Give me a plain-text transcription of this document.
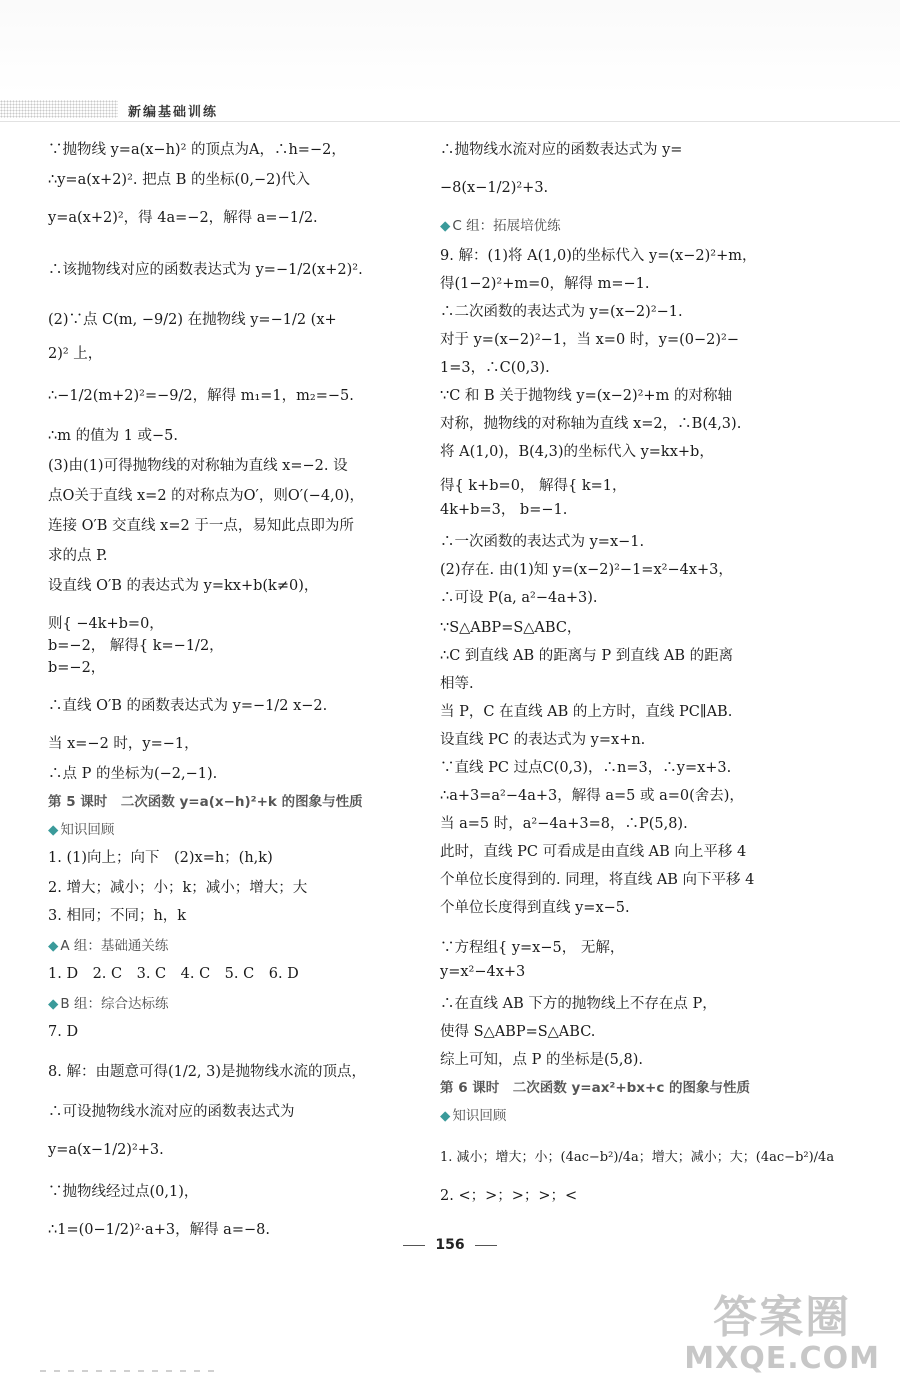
新编基础训练
∵抛物线 y=a(x−h)² 的顶点为A，∴h=−2，
∴y=a(x+2)². 把点 B 的坐标(0,−2)代入
y=a(x+2)²，得 4a=−2，解得 a=−1/2.
∴该抛物线对应的函数表达式为 y=−1/2(x+2)².
(2)∵点 C(m, −9/2) 在抛物线 y=−1/2 (x+
2)² 上，
∴−1/2(m+2)²=−9/2，解得 m₁=1，m₂=−5.
∴m 的值为 1 或−5.
(3)由(1)可得抛物线的对称轴为直线 x=−2. 设
点O关于直线 x=2 的对称点为O′，则O′(−4,0)，
连接 O′B 交直线 x=2 于一点，易知此点即为所
求的点 P.
设直线 O′B 的表达式为 y=kx+b(k≠0)，
则{ −4k+b=0，
b=−2， 解得{ k=−1/2，
b=−2，
∴直线 O′B 的函数表达式为 y=−1/2 x−2.
当 x=−2 时，y=−1，
∴点 P 的坐标为(−2,−1).
第 5 课时　二次函数 y=a(x−h)²+k 的图象与性质
◆ 知识回顾
1. (1)向上；向下　(2)x=h；(h,k)
2. 增大；减小；小；k；减小；增大；大
3. 相同；不同；h，k
◆ A 组：基础通关练
1. D　2. C　3. C　4. C　5. C　6. D
◆ B 组：综合达标练
7. D
8. 解：由题意可得(1/2, 3)是抛物线水流的顶点，
∴可设抛物线水流对应的函数表达式为
y=a(x−1/2)²+3.
∵抛物线经过点(0,1)，
∴1=(0−1/2)²·a+3，解得 a=−8.
∴抛物线水流对应的函数表达式为 y=
−8(x−1/2)²+3.
◆ C 组：拓展培优练
9. 解：(1)将 A(1,0)的坐标代入 y=(x−2)²+m，
得(1−2)²+m=0，解得 m=−1.
∴二次函数的表达式为 y=(x−2)²−1.
对于 y=(x−2)²−1，当 x=0 时，y=(0−2)²−
1=3，∴C(0,3).
∵C 和 B 关于抛物线 y=(x−2)²+m 的对称轴
对称，抛物线的对称轴为直线 x=2，∴B(4,3).
将 A(1,0)，B(4,3)的坐标代入 y=kx+b，
得{ k+b=0， 解得{ k=1，
4k+b=3， b=−1.
∴一次函数的表达式为 y=x−1.
(2)存在. 由(1)知 y=(x−2)²−1=x²−4x+3，
∴可设 P(a, a²−4a+3).
∵S△ABP=S△ABC，
∴C 到直线 AB 的距离与 P 到直线 AB 的距离
相等.
当 P，C 在直线 AB 的上方时，直线 PC∥AB.
设直线 PC 的表达式为 y=x+n.
∵直线 PC 过点C(0,3)，∴n=3，∴y=x+3.
∴a+3=a²−4a+3，解得 a=5 或 a=0(舍去)，
当 a=5 时，a²−4a+3=8，∴P(5,8).
此时，直线 PC 可看成是由直线 AB 向上平移 4
个单位长度得到的. 同理，将直线 AB 向下平移 4
个单位长度得到直线 y=x−5.
∵方程组{ y=x−5， 无解，
y=x²−4x+3
∴在直线 AB 下方的抛物线上不存在点 P，
使得 S△ABP=S△ABC.
综上可知，点 P 的坐标是(5,8).
第 6 课时　二次函数 y=ax²+bx+c 的图象与性质
◆ 知识回顾
1. 减小；增大；小；(4ac−b²)/4a；增大；减小；大；(4ac−b²)/4a
2. <；>；>；>；<
156
答案圈
MXQE.COM
